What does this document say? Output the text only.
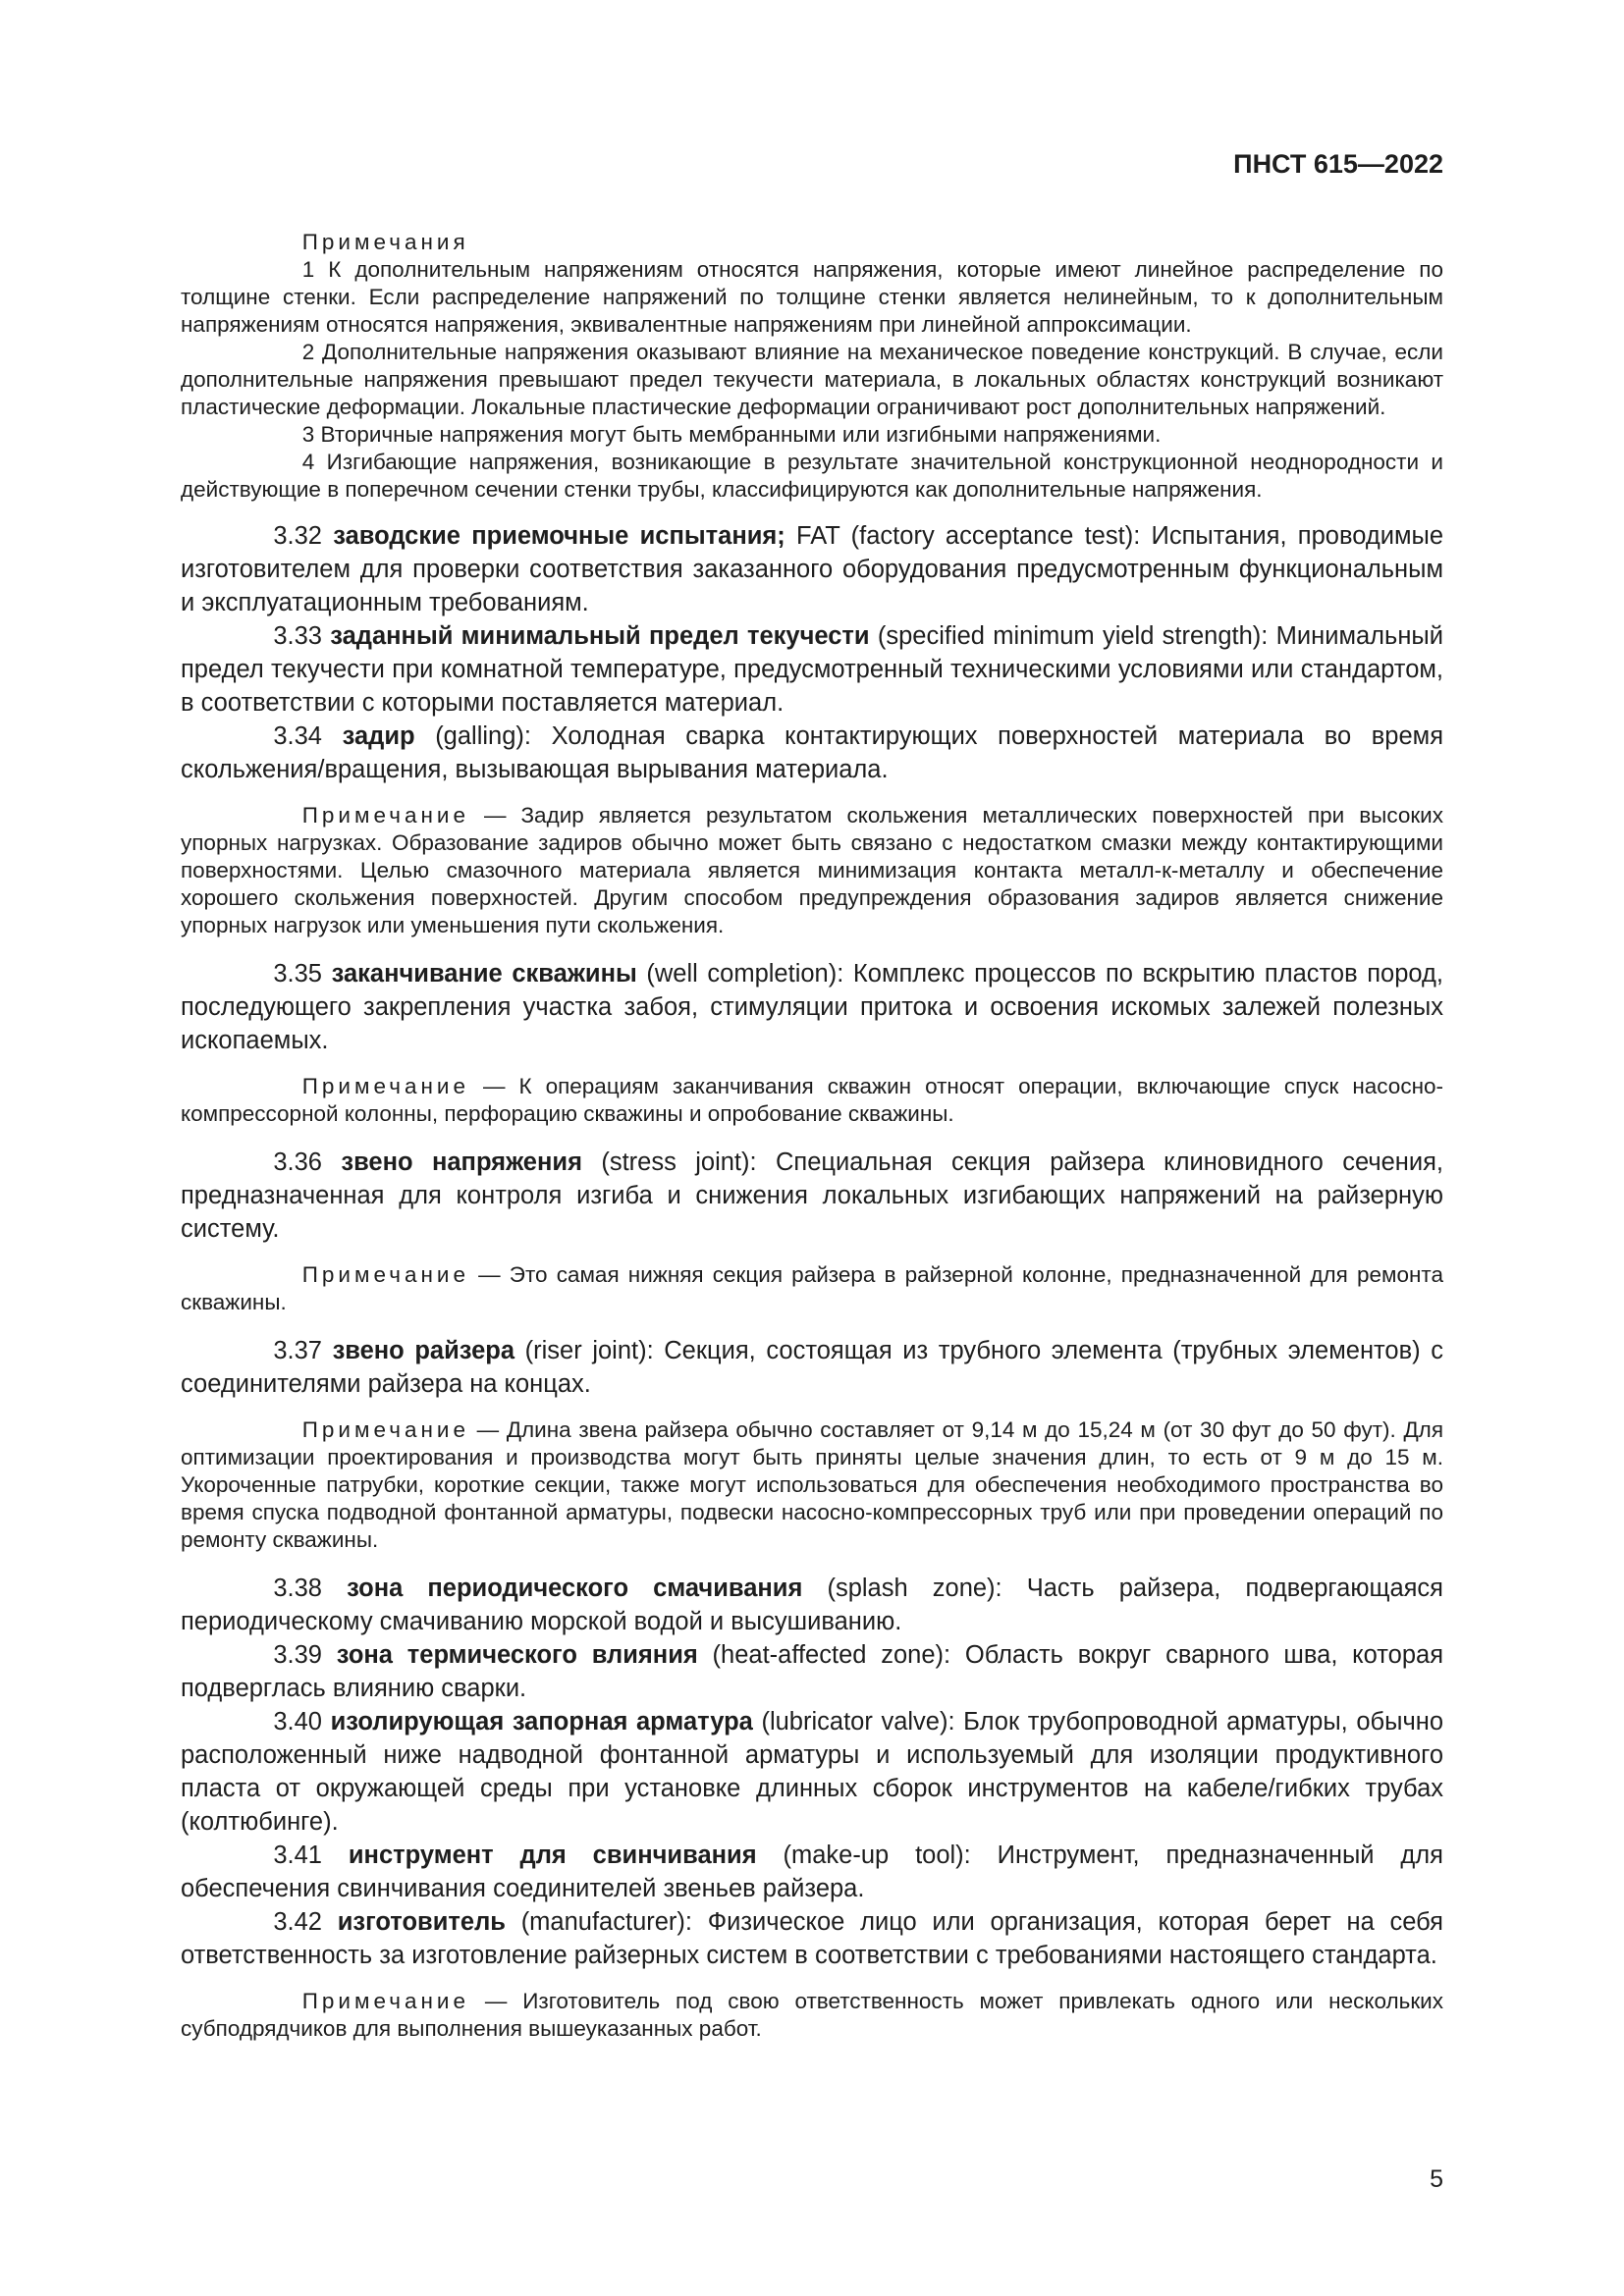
ПНСТ 615—2022

Примечания

1 К дополнительным напряжениям относятся напряжения, которые имеют линейное распределение по толщине стенки. Если распределение напряжений по толщине стенки является нелинейным, то к дополнительным напряжениям относятся напряжения, эквивалентные напряжениям при линейной аппроксимации.

2 Дополнительные напряжения оказывают влияние на механическое поведение конструкций. В случае, если дополнительные напряжения превышают предел текучести материала, в локальных областях конструкций возникают пластические деформации. Локальные пластические деформации ограничивают рост дополнительных напряжений.

3 Вторичные напряжения могут быть мембранными или изгибными напряжениями.

4 Изгибающие напряжения, возникающие в результате значительной конструкционной неоднородности и действующие в поперечном сечении стенки трубы, классифицируются как дополнительные напряжения.

3.32 заводские приемочные испытания; FAT (factory acceptance test): Испытания, проводимые изготовителем для проверки соответствия заказанного оборудования предусмотренным функциональным и эксплуатационным требованиям.

3.33 заданный минимальный предел текучести (specified minimum yield strength): Минимальный предел текучести при комнатной температуре, предусмотренный техническими условиями или стандартом, в соответствии с которыми поставляется материал.

3.34 задир (galling): Холодная сварка контактирующих поверхностей материала во время скольжения/вращения, вызывающая вырывания материала.

Примечание — Задир является результатом скольжения металлических поверхностей при высоких упорных нагрузках. Образование задиров обычно может быть связано с недостатком смазки между контактирующими поверхностями. Целью смазочного материала является минимизация контакта металл-к-металлу и обеспечение хорошего скольжения поверхностей. Другим способом предупреждения образования задиров является снижение упорных нагрузок или уменьшения пути скольжения.

3.35 заканчивание скважины (well completion): Комплекс процессов по вскрытию пластов пород, последующего закрепления участка забоя, стимуляции притока и освоения искомых залежей полезных ископаемых.

Примечание — К операциям заканчивания скважин относят операции, включающие спуск насосно-компрессорной колонны, перфорацию скважины и опробование скважины.

3.36 звено напряжения (stress joint): Специальная секция райзера клиновидного сечения, предназначенная для контроля изгиба и снижения локальных изгибающих напряжений на райзерную систему.

Примечание — Это самая нижняя секция райзера в райзерной колонне, предназначенной для ремонта скважины.

3.37 звено райзера (riser joint): Секция, состоящая из трубного элемента (трубных элементов) с соединителями райзера на концах.

Примечание — Длина звена райзера обычно составляет от 9,14 м до 15,24 м (от 30 фут до 50 фут). Для оптимизации проектирования и производства могут быть приняты целые значения длин, то есть от 9 м до 15 м. Укороченные патрубки, короткие секции, также могут использоваться для обеспечения необходимого пространства во время спуска подводной фонтанной арматуры, подвески насосно-компрессорных труб или при проведении операций по ремонту скважины.

3.38 зона периодического смачивания (splash zone): Часть райзера, подвергающаяся периодическому смачиванию морской водой и высушиванию.

3.39 зона термического влияния (heat-affected zone): Область вокруг сварного шва, которая подверглась влиянию сварки.

3.40 изолирующая запорная арматура (lubricator valve): Блок трубопроводной арматуры, обычно расположенный ниже надводной фонтанной арматуры и используемый для изоляции продуктивного пласта от окружающей среды при установке длинных сборок инструментов на кабеле/гибких трубах (колтюбинге).

3.41 инструмент для свинчивания (make-up tool): Инструмент, предназначенный для обеспечения свинчивания соединителей звеньев райзера.

3.42 изготовитель (manufacturer): Физическое лицо или организация, которая берет на себя ответственность за изготовление райзерных систем в соответствии с требованиями настоящего стандарта.

Примечание — Изготовитель под свою ответственность может привлекать одного или нескольких субподрядчиков для выполнения вышеуказанных работ.

5
